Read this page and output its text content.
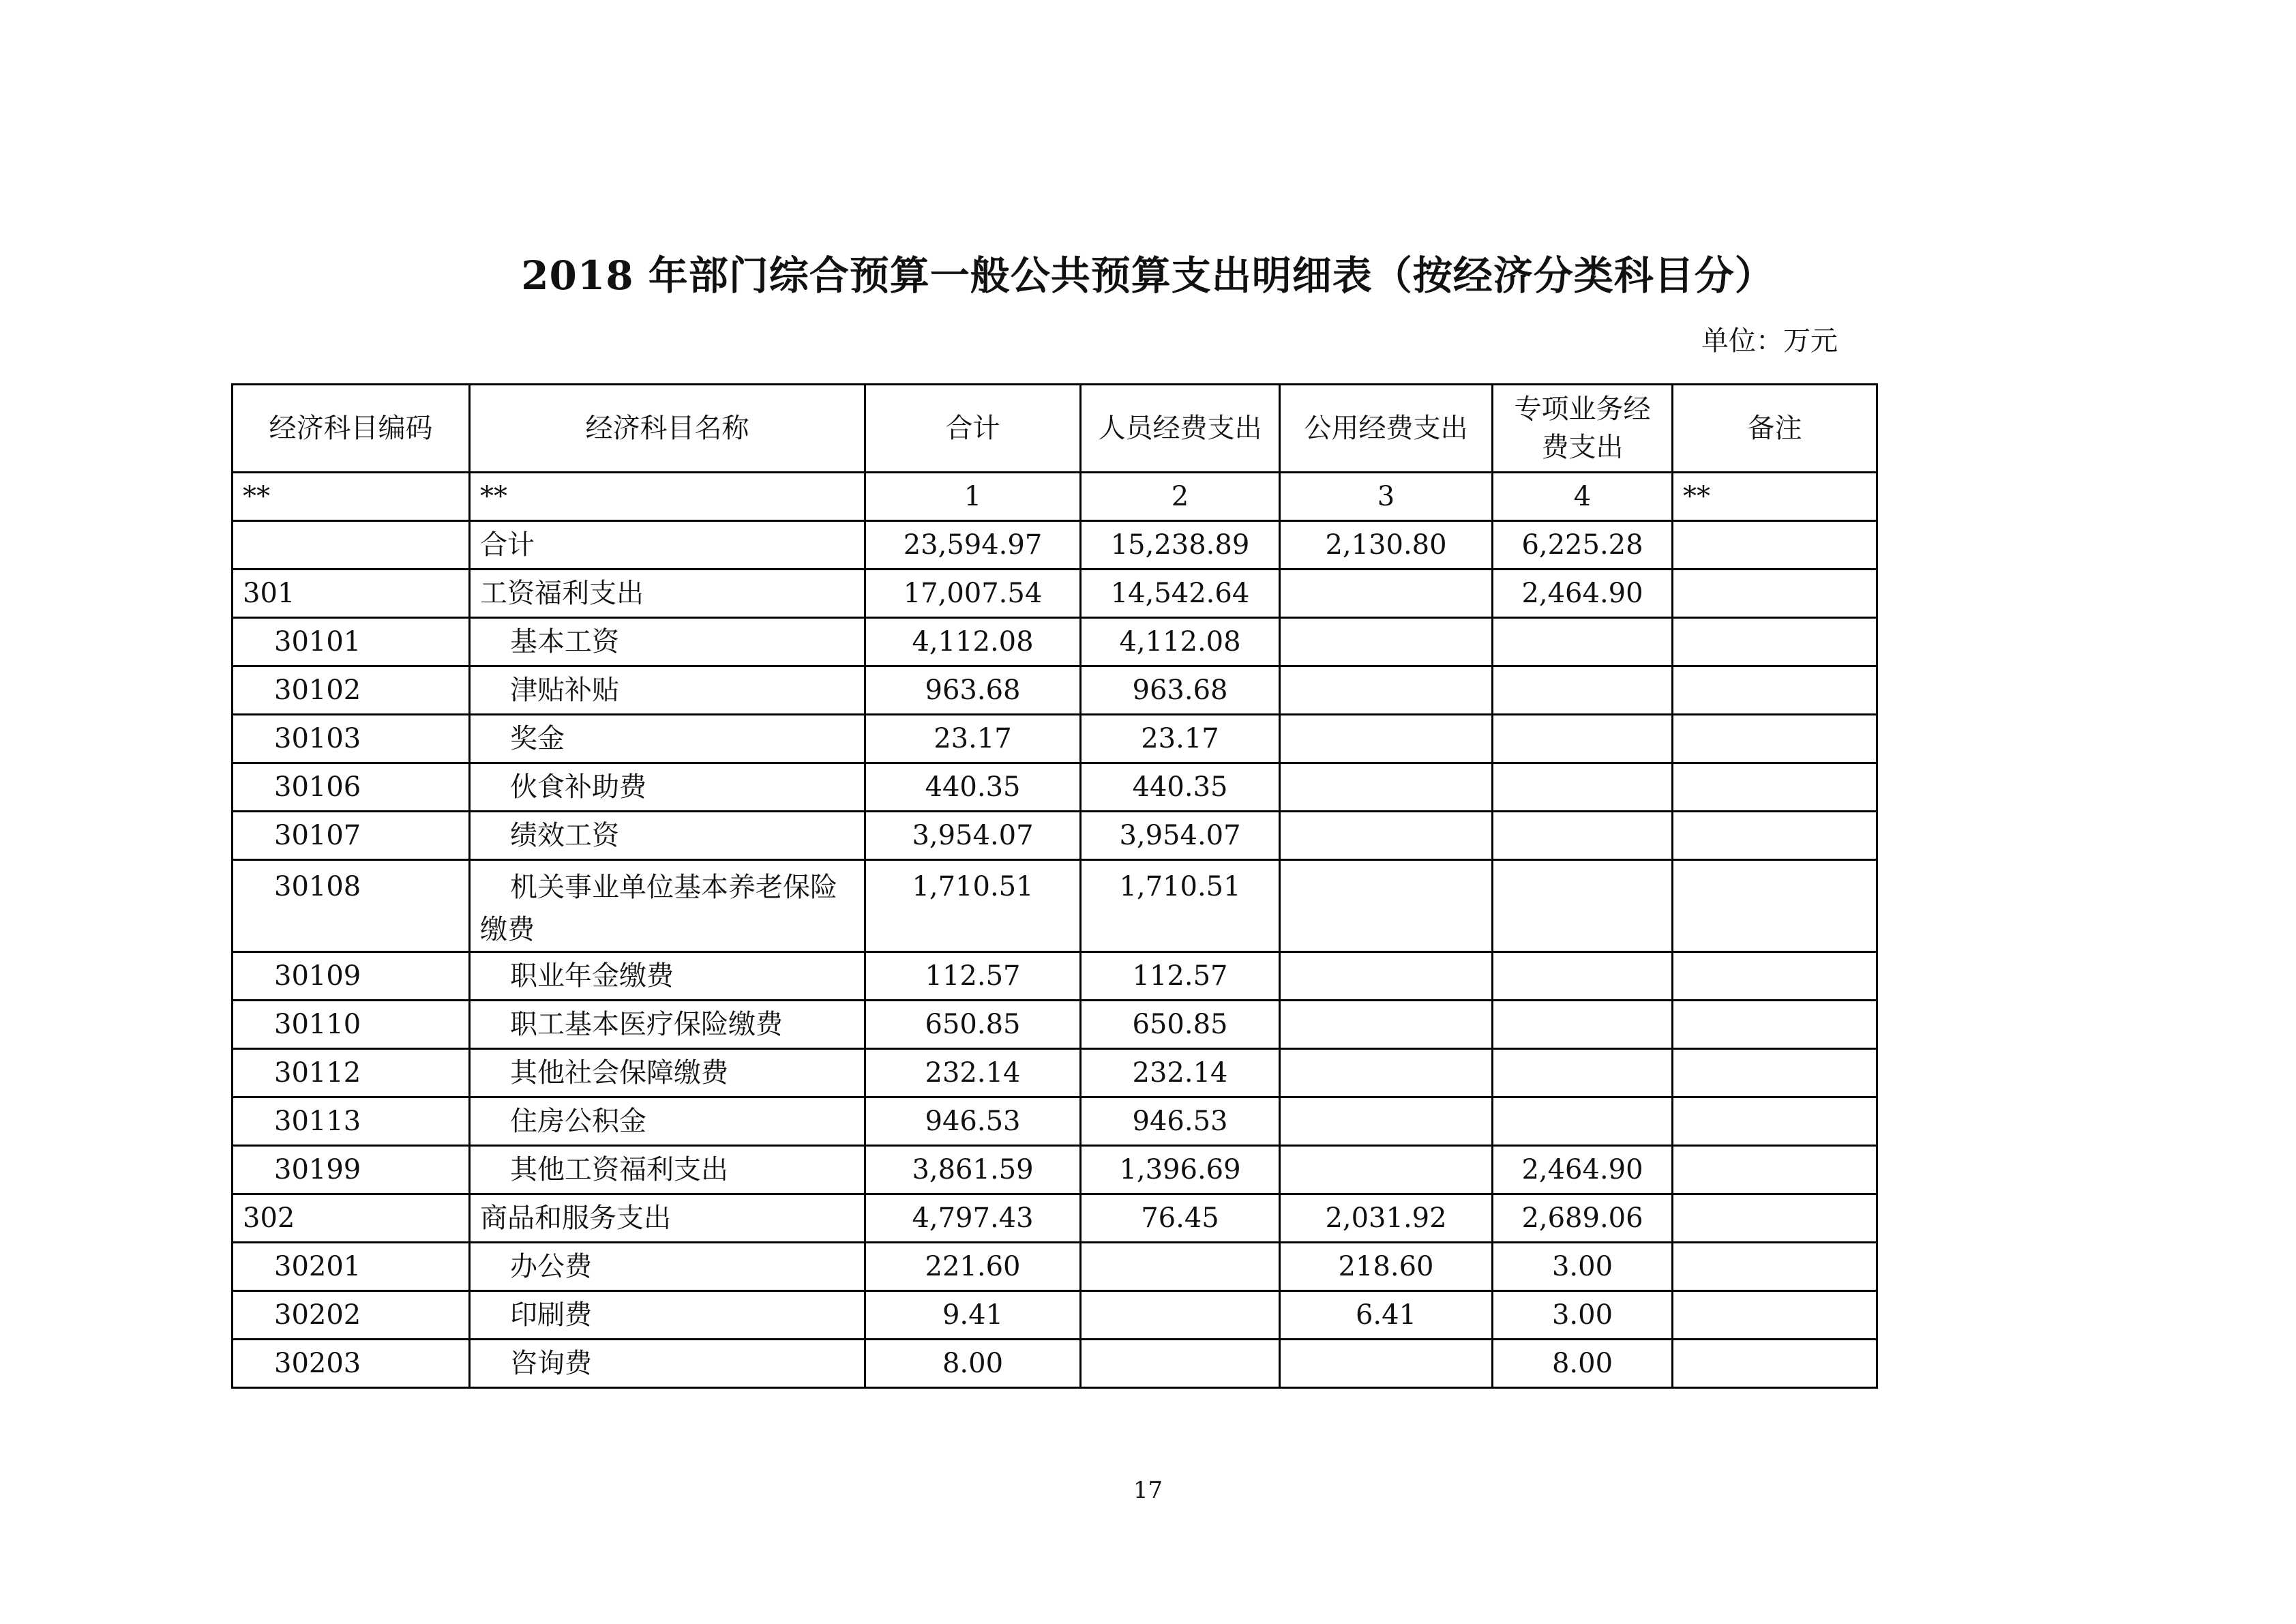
2018 年部门综合预算一般公共预算支出明细表（按经济分类科目分）
单位：万元
经济科目编码	经济科目名称	合计	人员经费支出	公用经费支出	专项业务经费支出	备注
**	**	1	2	3	4	**
	合计	23,594.97	15,238.89	2,130.80	6,225.28	
301	工资福利支出	17,007.54	14,542.64		2,464.90	
30101	基本工资	4,112.08	4,112.08			
30102	津贴补贴	963.68	963.68			
30103	奖金	23.17	23.17			
30106	伙食补助费	440.35	440.35			
30107	绩效工资	3,954.07	3,954.07			
30108	机关事业单位基本养老保险缴费	1,710.51	1,710.51			
30109	职业年金缴费	112.57	112.57			
30110	职工基本医疗保险缴费	650.85	650.85			
30112	其他社会保障缴费	232.14	232.14			
30113	住房公积金	946.53	946.53			
30199	其他工资福利支出	3,861.59	1,396.69		2,464.90	
302	商品和服务支出	4,797.43	76.45	2,031.92	2,689.06	
30201	办公费	221.60		218.60	3.00	
30202	印刷费	9.41		6.41	3.00	
30203	咨询费	8.00			8.00	
17
